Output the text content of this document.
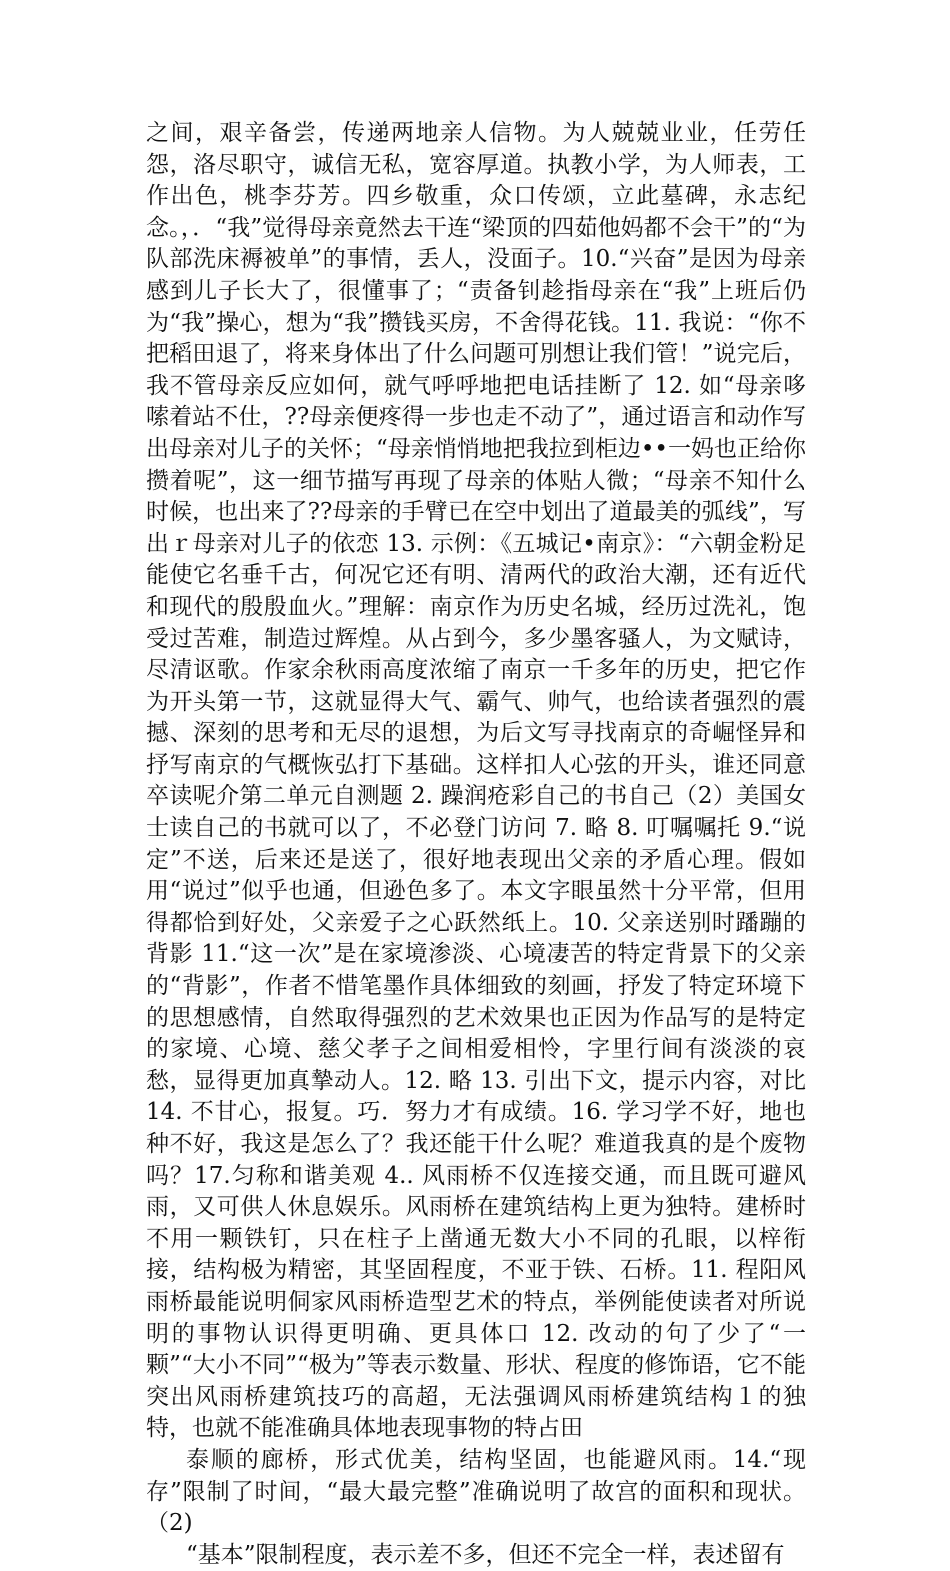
之间，艰辛备尝，传递两地亲人信物。为人兢兢业业，任劳任怨，洛尽职守，诚信无私，宽容厚道。执教小学，为人师表，工作出色，桃李芬芳。四乡敬重，众口传颂，立此墓碑，永志纪念。，．“我”觉得母亲竟然去干连“梁顶的四茹他妈都不会干”的“为队部洗床褥被单”的事情，丢人，没面子。10.“兴奋”是因为母亲感到儿子长大了，很懂事了；“责备钊趁指母亲在“我”上班后仍为“我”操心，想为“我”攒钱买房，不舍得花钱。11. 我说：“你不把稻田退了，将来身体出了什么问题可別想让我们管！”说完后，我不管母亲反应如何，就气呼呼地把电话挂断了 12. 如“母亲哆嗦着站不仕，??母亲便疼得一步也走不动了”，通过语言和动作写出母亲对儿子的关怀；“母亲悄悄地把我拉到柜边••一妈也正给你攒着呢”，这一细节描写再现了母亲的体贴人微；“母亲不知什么时候，也出来了??母亲的手臂已在空中划出了道最美的弧线”，写出ｒ母亲对儿子的依恋 13. 示例：《五城记•南京》：“六朝金粉足能使它名垂千古，何况它还有明、清两代的政治大潮，还有近代和现代的殷殷血火。”理解：南京作为历史名城，经历过洗礼，饱受过苦难，制造过辉煌。从占到今，多少墨客骚人，为文赋诗，尽清讴歌。作家余秋雨高度浓缩了南京一千多年的历史，把它作为开头第一节，这就显得大气、霸气、帅气，也给读者强烈的震撼、深刻的思考和无尽的退想，为后文写寻找南京的奇崛怪异和抒写南京的气概恢弘打下基础。这样扣人心弦的开头，谁还同意卒读呢介第二单元自测题 2. 躁润疮彩自己的书自己（2）美国女士读自己的书就可以了，不必登门访问 7. 略 8. 叮嘱嘱托 9.“说定”不送，后来还是送了，很好地表现出父亲的矛盾心理。假如用“说过”似乎也通，但逊色多了。本文字眼虽然十分平常，但用得都恰到好处，父亲爱子之心跃然纸上。10. 父亲送别时蹯蹦的背影 11.“这一次”是在家境渗淡、心境凄苦的特定背景下的父亲的“背影”，作者不惜笔墨作具体细致的刻画，抒发了特定环境下的思想感情，自然取得强烈的艺术效果也正因为作品写的是特定的家境、心境、慈父孝子之间相爱相怜，字里行间有淡淡的哀愁，显得更加真摯动人。12. 略 13. 引出下文，提示内容，对比 14. 不甘心，报复。巧．努力才有成绩。16. 学习学不好，地也种不好，我这是怎么了？我还能干什么呢？难道我真的是个废物吗？17.匀称和谐美观 4.. 风雨桥不仅连接交通，而且既可避风雨，又可供人休息娱乐。风雨桥在建筑结构上更为独特。建桥时不用一颗铁钉，只在柱子上凿通无数大小不同的孔眼，以梓衔接，结构极为精密，其坚固程度，不亚于铁、石桥。11. 程阳风雨桥最能说明侗家风雨桥造型艺术的特点，举例能使读者对所说明的事物认识得更明确、更具体口 12. 改动的句了少了“一颗”“大小不同”“极为”等表示数量、形状、程度的修饰语，它不能突出风雨桥建筑技巧的高超，无法强调风雨桥建筑结构１的独特，也就不能准确具体地表现事物的特占田

泰顺的廊桥，形式优美，结构坚固，也能避风雨。14.“现存”限制了时间，“最大最完整”准确说明了故宫的面积和现状。（2)

“基本”限制程度，表示差不多，但还不完全一样，表述留有
